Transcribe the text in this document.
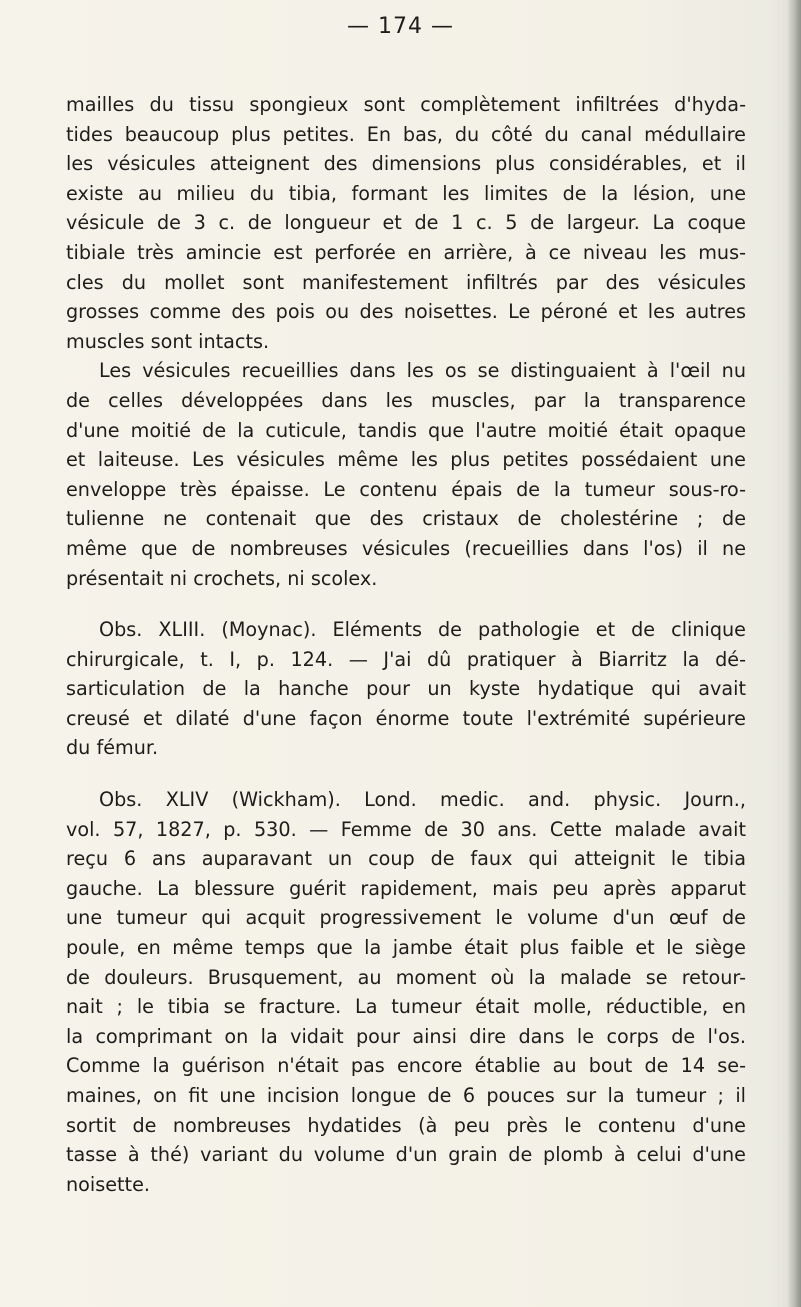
— 174 —

mailles du tissu spongieux sont complètement infiltrées d'hyda-
tides beaucoup plus petites. En bas, du côté du canal médullaire
les vésicules atteignent des dimensions plus considérables, et il
existe au milieu du tibia, formant les limites de la lésion, une
vésicule de 3 c. de longueur et de 1 c. 5 de largeur. La coque
tibiale très amincie est perforée en arrière, à ce niveau les mus-
cles du mollet sont manifestement infiltrés par des vésicules
grosses comme des pois ou des noisettes. Le péroné et les autres
muscles sont intacts.

Les vésicules recueillies dans les os se distinguaient à l'œil nu
de celles développées dans les muscles, par la transparence
d'une moitié de la cuticule, tandis que l'autre moitié était opaque
et laiteuse. Les vésicules même les plus petites possédaient une
enveloppe très épaisse. Le contenu épais de la tumeur sous-ro-
tulienne ne contenait que des cristaux de cholestérine ; de
même que de nombreuses vésicules (recueillies dans l'os) il ne
présentait ni crochets, ni scolex.

Obs. XLIII. (Moynac). Eléments de pathologie et de clinique
chirurgicale, t. I, p. 124. — J'ai dû pratiquer à Biarritz la dé-
sarticulation de la hanche pour un kyste hydatique qui avait
creusé et dilaté d'une façon énorme toute l'extrémité supérieure
du fémur.

Obs. XLIV (Wickham). Lond. medic. and. physic. Journ.,
vol. 57, 1827, p. 530. — Femme de 30 ans. Cette malade avait
reçu 6 ans auparavant un coup de faux qui atteignit le tibia
gauche. La blessure guérit rapidement, mais peu après apparut
une tumeur qui acquit progressivement le volume d'un œuf de
poule, en même temps que la jambe était plus faible et le siège
de douleurs. Brusquement, au moment où la malade se retour-
nait ; le tibia se fracture. La tumeur était molle, réductible, en
la comprimant on la vidait pour ainsi dire dans le corps de l'os.
Comme la guérison n'était pas encore établie au bout de 14 se-
maines, on fit une incision longue de 6 pouces sur la tumeur ; il
sortit de nombreuses hydatides (à peu près le contenu d'une
tasse à thé) variant du volume d'un grain de plomb à celui d'une
noisette.
